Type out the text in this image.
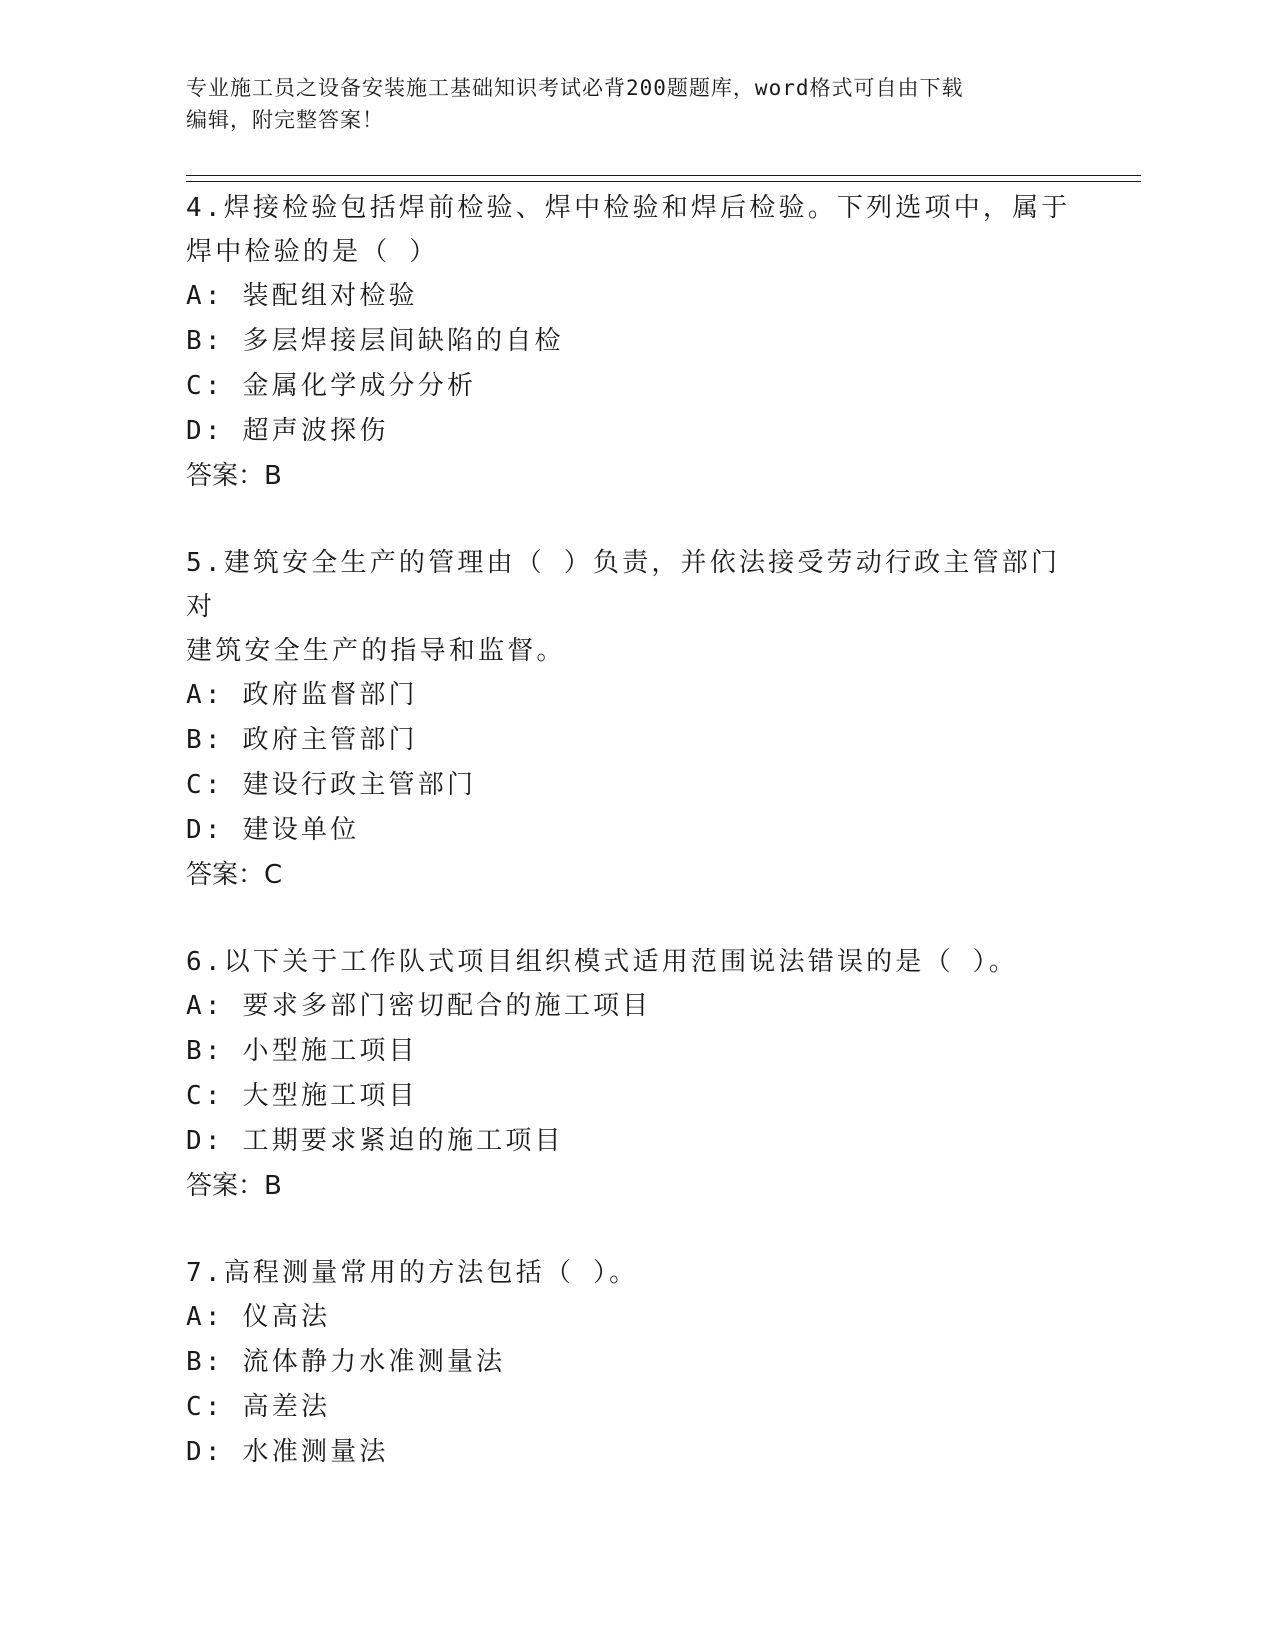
专业施工员之设备安装施工基础知识考试必背200题题库，word格式可自由下载
编辑，附完整答案！

4.焊接检验包括焊前检验、焊中检验和焊后检验。下列选项中，属于

焊中检验的是（ ）

A: 装配组对检验

B: 多层焊接层间缺陷的自检

C: 金属化学成分分析

D: 超声波探伤

答案：B

5.建筑安全生产的管理由（ ）负责，并依法接受劳动行政主管部门对

建筑安全生产的指导和监督。

A: 政府监督部门

B: 政府主管部门

C: 建设行政主管部门

D: 建设单位

答案：C

6.以下关于工作队式项目组织模式适用范围说法错误的是（ ）。

A: 要求多部门密切配合的施工项目

B: 小型施工项目

C: 大型施工项目

D: 工期要求紧迫的施工项目

答案：B

7.高程测量常用的方法包括（ ）。

A: 仪高法

B: 流体静力水准测量法

C: 高差法

D: 水准测量法
